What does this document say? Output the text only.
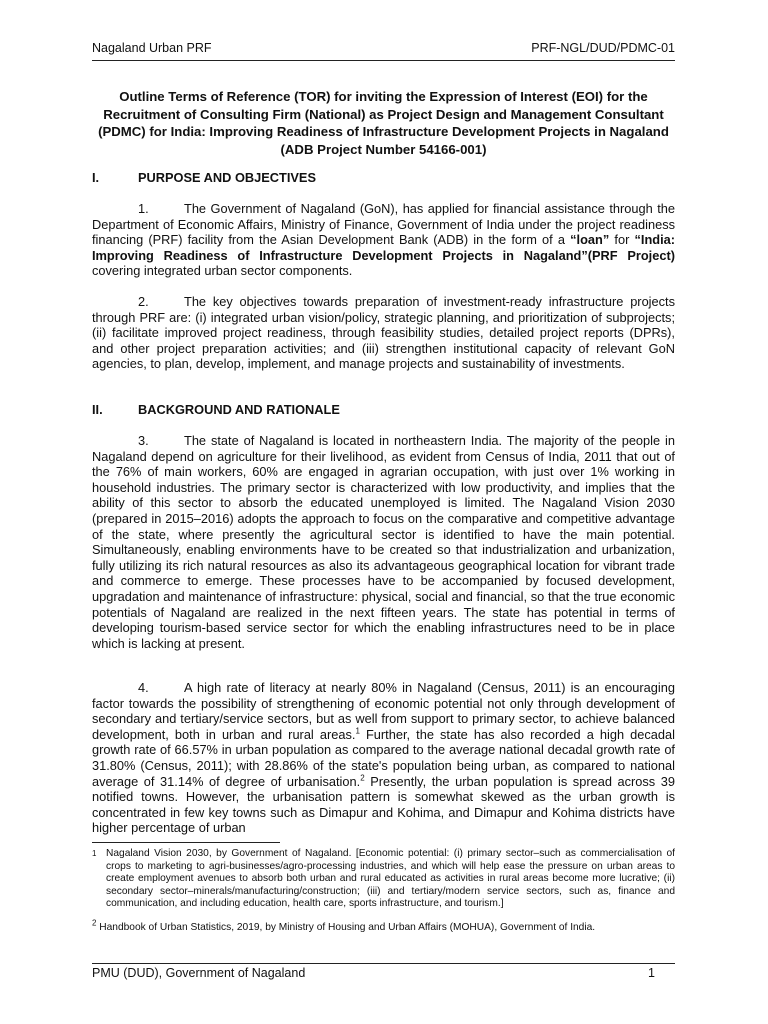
Nagaland Urban PRF	PRF-NGL/DUD/PDMC-01
Outline Terms of Reference (TOR) for inviting the Expression of Interest (EOI) for the Recruitment of Consulting Firm (National) as Project Design and Management Consultant (PDMC) for India: Improving Readiness of Infrastructure Development Projects in Nagaland (ADB Project Number 54166-001)
I.	PURPOSE AND OBJECTIVES
1.	The Government of Nagaland (GoN), has applied for financial assistance through the Department of Economic Affairs, Ministry of Finance, Government of India under the project readiness financing (PRF) facility from the Asian Development Bank (ADB) in the form of a “loan” for “India: Improving Readiness of Infrastructure Development Projects in Nagaland”(PRF Project) covering integrated urban sector components.
2.	The key objectives towards preparation of investment-ready infrastructure projects through PRF are: (i) integrated urban vision/policy, strategic planning, and prioritization of subprojects;(ii) facilitate improved project readiness, through feasibility studies, detailed project reports (DPRs), and other project preparation activities; and (iii) strengthen institutional capacity of relevant GoN agencies, to plan, develop, implement, and manage projects and sustainability of investments.
II.	BACKGROUND AND RATIONALE
3.	The state of Nagaland is located in northeastern India. The majority of the people in Nagaland depend on agriculture for their livelihood, as evident from Census of India, 2011 that out of the 76% of main workers, 60% are engaged in agrarian occupation, with just over 1% working in household industries. The primary sector is characterized with low productivity, and implies that the ability of this sector to absorb the educated unemployed is limited. The Nagaland Vision 2030 (prepared in 2015–2016) adopts the approach to focus on the comparative and competitive advantage of the state, where presently the agricultural sector is identified to have the main potential. Simultaneously, enabling environments have to be created so that industrialization and urbanization, fully utilizing its rich natural resources as also its advantageous geographical location for vibrant trade and commerce to emerge. These processes have to be accompanied by focused development, upgradation and maintenance of infrastructure: physical, social and financial, so that the true economic potentials of Nagaland are realized in the next fifteen years. The state has potential in terms of developing tourism-based service sector for which the enabling infrastructures need to be in place which is lacking at present.
4.	A high rate of literacy at nearly 80% in Nagaland (Census, 2011) is an encouraging factor towards the possibility of strengthening of economic potential not only through development of secondary and tertiary/service sectors, but as well from support to primary sector, to achieve balanced development, both in urban and rural areas.$^1$ Further, the state has also recorded a high decadal growth rate of 66.57% in urban population as compared to the average national decadal growth rate of 31.80% (Census, 2011); with 28.86% of the state's population being urban, as compared to national average of 31.14% of degree of urbanisation.$^2$ Presently, the urban population is spread across 39 notified towns. However, the urbanisation pattern is somewhat skewed as the urban growth is concentrated in few key towns such as Dimapur and Kohima, and Dimapur and Kohima districts have higher percentage of urban
1 Nagaland Vision 2030, by Government of Nagaland. [Economic potential: (i) primary sector–such as commercialisation of crops to marketing to agri-businesses/agro-processing industries, and which will help ease the pressure on urban areas to create employment avenues to absorb both urban and rural educated as activities in rural areas become more lucrative; (ii) secondary sector–minerals/manufacturing/construction; (iii) and tertiary/modern service sectors, such as, finance and communication, and including education, health care, sports infrastructure, and tourism.]
$^2$ Handbook of Urban Statistics, 2019, by Ministry of Housing and Urban Affairs (MOHUA), Government of India.
PMU (DUD), Government of Nagaland	1
